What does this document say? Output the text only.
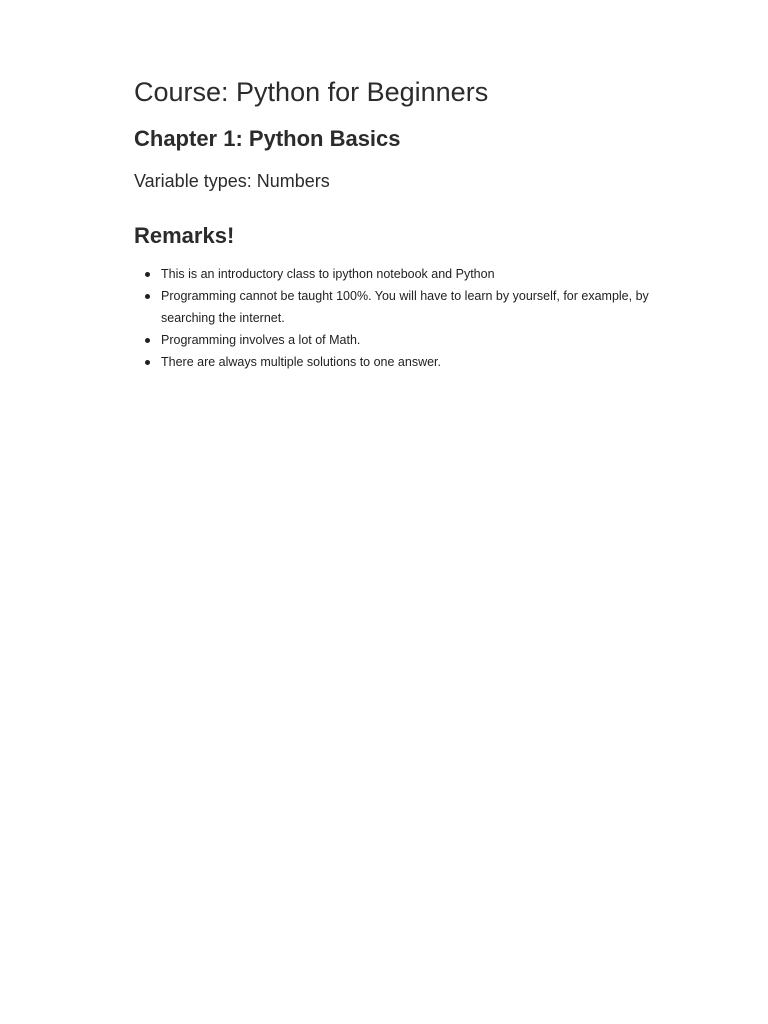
Course: Python for Beginners
Chapter 1: Python Basics
Variable types: Numbers
Remarks!
This is an introductory class to ipython notebook and Python
Programming cannot be taught 100%. You will have to learn by yourself, for example, by searching the internet.
Programming involves a lot of Math.
There are always multiple solutions to one answer.
